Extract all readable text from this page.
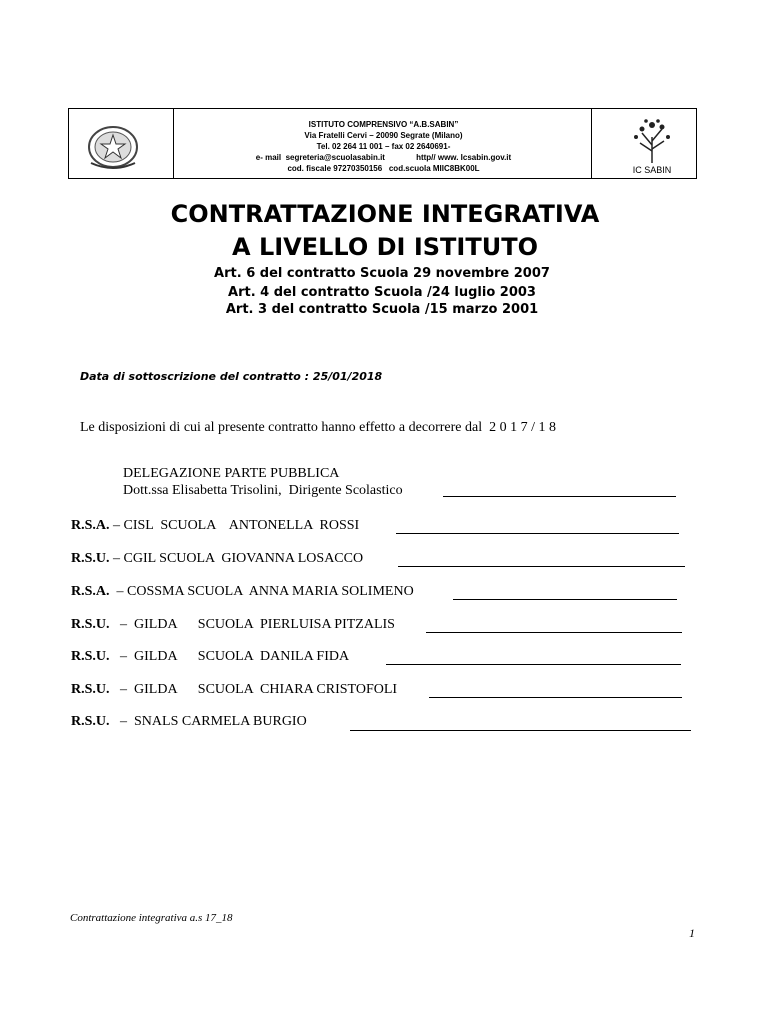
ISTITUTO COMPRENSIVO “A.B.SABIN”
Via Fratelli Cervi – 20090 Segrate (Milano)
Tel. 02 264 11 001 – fax 02 2640691-
e- mail  segreteria@scuolasabin.it              http// www. Icsabin.gov.it
cod. fiscale 97270350156   cod.scuola MIIC8BK00L	IC SABIN
CONTRATTAZIONE INTEGRATIVA
A LIVELLO DI ISTITUTO
Art. 6 del contratto Scuola 29 novembre 2007
Art. 4 del contratto Scuola /24 luglio 2003
Art. 3 del contratto Scuola /15 marzo 2001
Data di sottoscrizione del contratto : 25/01/2018
Le disposizioni di cui al presente contratto hanno effetto a decorrere dal  2 0 1 7 / 1 8
DELEGAZIONE PARTE PUBBLICA
Dott.ssa Elisabetta Trisolini,  Dirigente Scolastico
R.S.A. – CISL  SCUOLA    ANTONELLA  ROSSI
R.S.U. – CGIL SCUOLA  GIOVANNA LOSACCO
R.S.A.  – COSSMA SCUOLA  ANNA MARIA SOLIMENO
R.S.U.   –  GILDA      SCUOLA  PIERLUISA PITZALIS
R.S.U.   –  GILDA      SCUOLA  DANILA FIDA
R.S.U.   –  GILDA      SCUOLA  CHIARA CRISTOFOLI
R.S.U.   –  SNALS CARMELA BURGIO
Contrattazione integrativa a.s 17_18
1
